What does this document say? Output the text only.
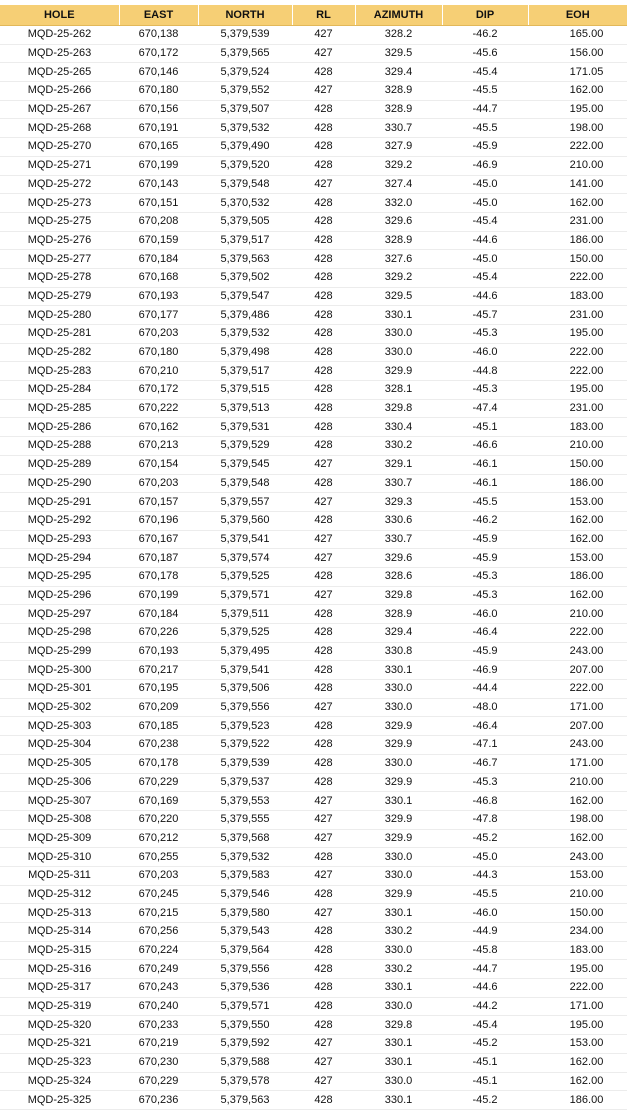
HOLE	EAST	NORTH	RL	AZIMUTH	DIP	EOH
MQD-25-262	670,138	5,379,539	427	328.2	-46.2	165.00
MQD-25-263	670,172	5,379,565	427	329.5	-45.6	156.00
MQD-25-265	670,146	5,379,524	428	329.4	-45.4	171.05
MQD-25-266	670,180	5,379,552	427	328.9	-45.5	162.00
MQD-25-267	670,156	5,379,507	428	328.9	-44.7	195.00
MQD-25-268	670,191	5,379,532	428	330.7	-45.5	198.00
MQD-25-270	670,165	5,379,490	428	327.9	-45.9	222.00
MQD-25-271	670,199	5,379,520	428	329.2	-46.9	210.00
MQD-25-272	670,143	5,379,548	427	327.4	-45.0	141.00
MQD-25-273	670,151	5,370,532	428	332.0	-45.0	162.00
MQD-25-275	670,208	5,379,505	428	329.6	-45.4	231.00
MQD-25-276	670,159	5,379,517	428	328.9	-44.6	186.00
MQD-25-277	670,184	5,379,563	428	327.6	-45.0	150.00
MQD-25-278	670,168	5,379,502	428	329.2	-45.4	222.00
MQD-25-279	670,193	5,379,547	428	329.5	-44.6	183.00
MQD-25-280	670,177	5,379,486	428	330.1	-45.7	231.00
MQD-25-281	670,203	5,379,532	428	330.0	-45.3	195.00
MQD-25-282	670,180	5,379,498	428	330.0	-46.0	222.00
MQD-25-283	670,210	5,379,517	428	329.9	-44.8	222.00
MQD-25-284	670,172	5,379,515	428	328.1	-45.3	195.00
MQD-25-285	670,222	5,379,513	428	329.8	-47.4	231.00
MQD-25-286	670,162	5,379,531	428	330.4	-45.1	183.00
MQD-25-288	670,213	5,379,529	428	330.2	-46.6	210.00
MQD-25-289	670,154	5,379,545	427	329.1	-46.1	150.00
MQD-25-290	670,203	5,379,548	428	330.7	-46.1	186.00
MQD-25-291	670,157	5,379,557	427	329.3	-45.5	153.00
MQD-25-292	670,196	5,379,560	428	330.6	-46.2	162.00
MQD-25-293	670,167	5,379,541	427	330.7	-45.9	162.00
MQD-25-294	670,187	5,379,574	427	329.6	-45.9	153.00
MQD-25-295	670,178	5,379,525	428	328.6	-45.3	186.00
MQD-25-296	670,199	5,379,571	427	329.8	-45.3	162.00
MQD-25-297	670,184	5,379,511	428	328.9	-46.0	210.00
MQD-25-298	670,226	5,379,525	428	329.4	-46.4	222.00
MQD-25-299	670,193	5,379,495	428	330.8	-45.9	243.00
MQD-25-300	670,217	5,379,541	428	330.1	-46.9	207.00
MQD-25-301	670,195	5,379,506	428	330.0	-44.4	222.00
MQD-25-302	670,209	5,379,556	427	330.0	-48.0	171.00
MQD-25-303	670,185	5,379,523	428	329.9	-46.4	207.00
MQD-25-304	670,238	5,379,522	428	329.9	-47.1	243.00
MQD-25-305	670,178	5,379,539	428	330.0	-46.7	171.00
MQD-25-306	670,229	5,379,537	428	329.9	-45.3	210.00
MQD-25-307	670,169	5,379,553	427	330.1	-46.8	162.00
MQD-25-308	670,220	5,379,555	427	329.9	-47.8	198.00
MQD-25-309	670,212	5,379,568	427	329.9	-45.2	162.00
MQD-25-310	670,255	5,379,532	428	330.0	-45.0	243.00
MQD-25-311	670,203	5,379,583	427	330.0	-44.3	153.00
MQD-25-312	670,245	5,379,546	428	329.9	-45.5	210.00
MQD-25-313	670,215	5,379,580	427	330.1	-46.0	150.00
MQD-25-314	670,256	5,379,543	428	330.2	-44.9	234.00
MQD-25-315	670,224	5,379,564	428	330.0	-45.8	183.00
MQD-25-316	670,249	5,379,556	428	330.2	-44.7	195.00
MQD-25-317	670,243	5,379,536	428	330.1	-44.6	222.00
MQD-25-319	670,240	5,379,571	428	330.0	-44.2	171.00
MQD-25-320	670,233	5,379,550	428	329.8	-45.4	195.00
MQD-25-321	670,219	5,379,592	427	330.1	-45.2	153.00
MQD-25-323	670,230	5,379,588	427	330.1	-45.1	162.00
MQD-25-324	670,229	5,379,578	427	330.0	-45.1	162.00
MQD-25-325	670,236	5,379,563	428	330.1	-45.2	186.00
